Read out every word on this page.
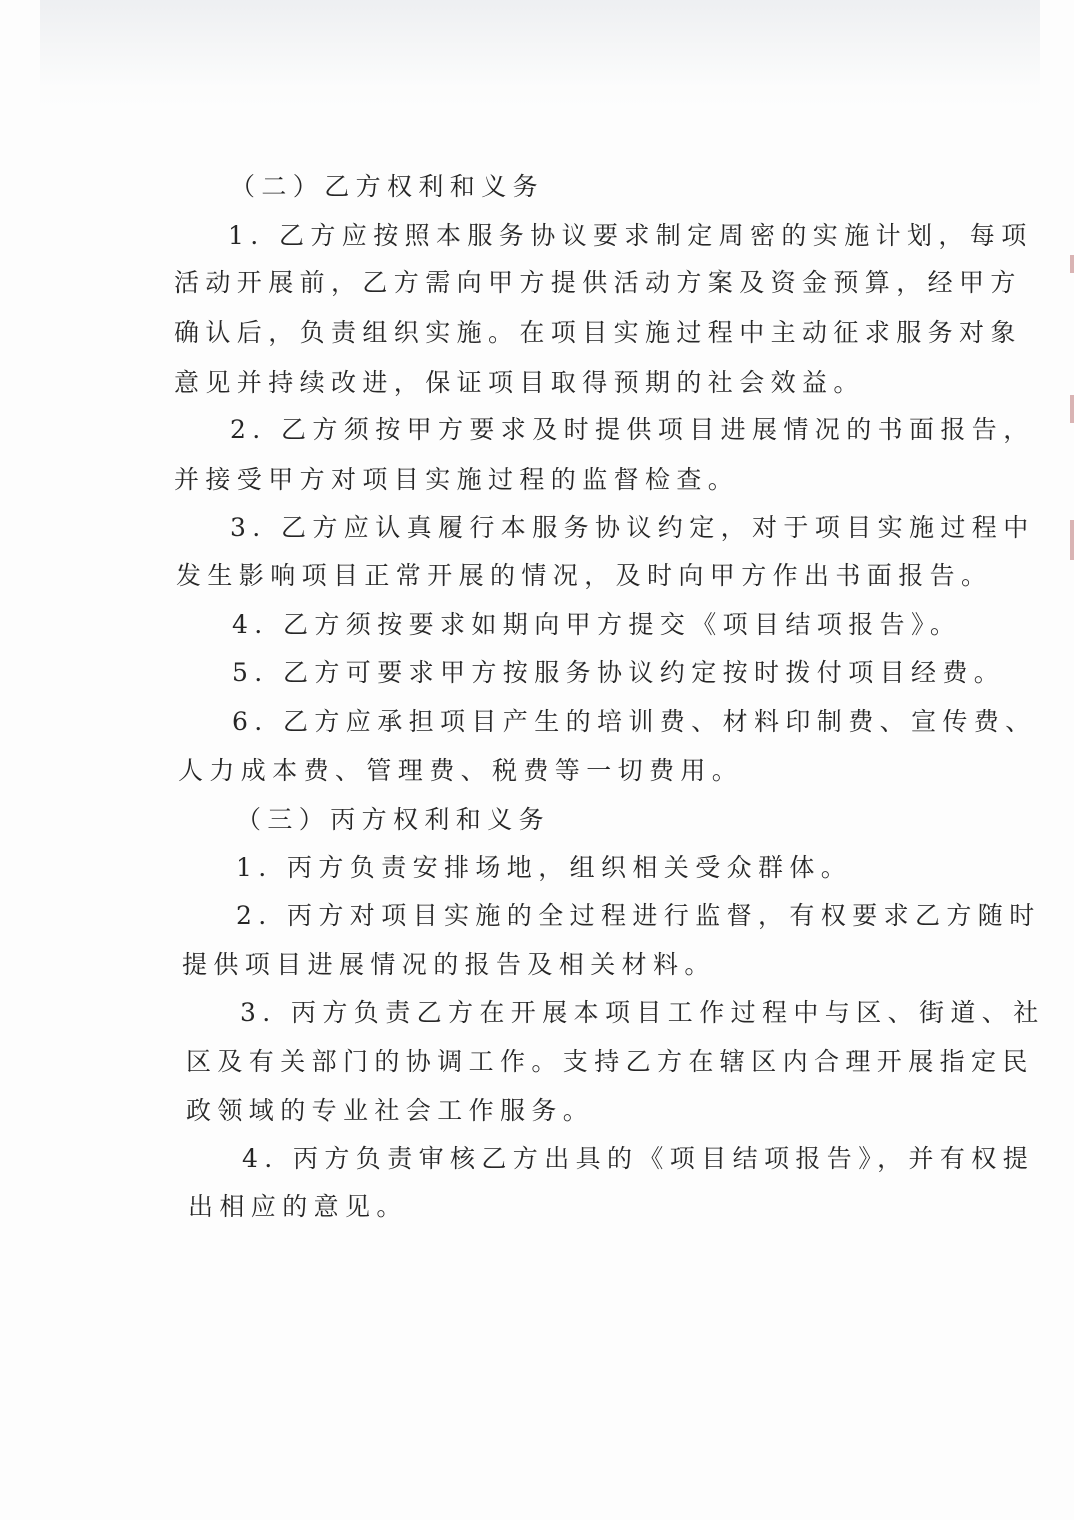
（二）乙方权利和义务
1. 乙方应按照本服务协议要求制定周密的实施计划，每项
活动开展前，乙方需向甲方提供活动方案及资金预算，经甲方
确认后，负责组织实施。在项目实施过程中主动征求服务对象
意见并持续改进，保证项目取得预期的社会效益。
2. 乙方须按甲方要求及时提供项目进展情况的书面报告，
并接受甲方对项目实施过程的监督检查。
3. 乙方应认真履行本服务协议约定，对于项目实施过程中
发生影响项目正常开展的情况，及时向甲方作出书面报告。
4. 乙方须按要求如期向甲方提交《项目结项报告》。
5. 乙方可要求甲方按服务协议约定按时拨付项目经费。
6. 乙方应承担项目产生的培训费、材料印制费、宣传费、
人力成本费、管理费、税费等一切费用。
（三）丙方权利和义务
1. 丙方负责安排场地，组织相关受众群体。
2. 丙方对项目实施的全过程进行监督，有权要求乙方随时
提供项目进展情况的报告及相关材料。
3. 丙方负责乙方在开展本项目工作过程中与区、街道、社
区及有关部门的协调工作。支持乙方在辖区内合理开展指定民
政领域的专业社会工作服务。
4. 丙方负责审核乙方出具的《项目结项报告》，并有权提
出相应的意见。
